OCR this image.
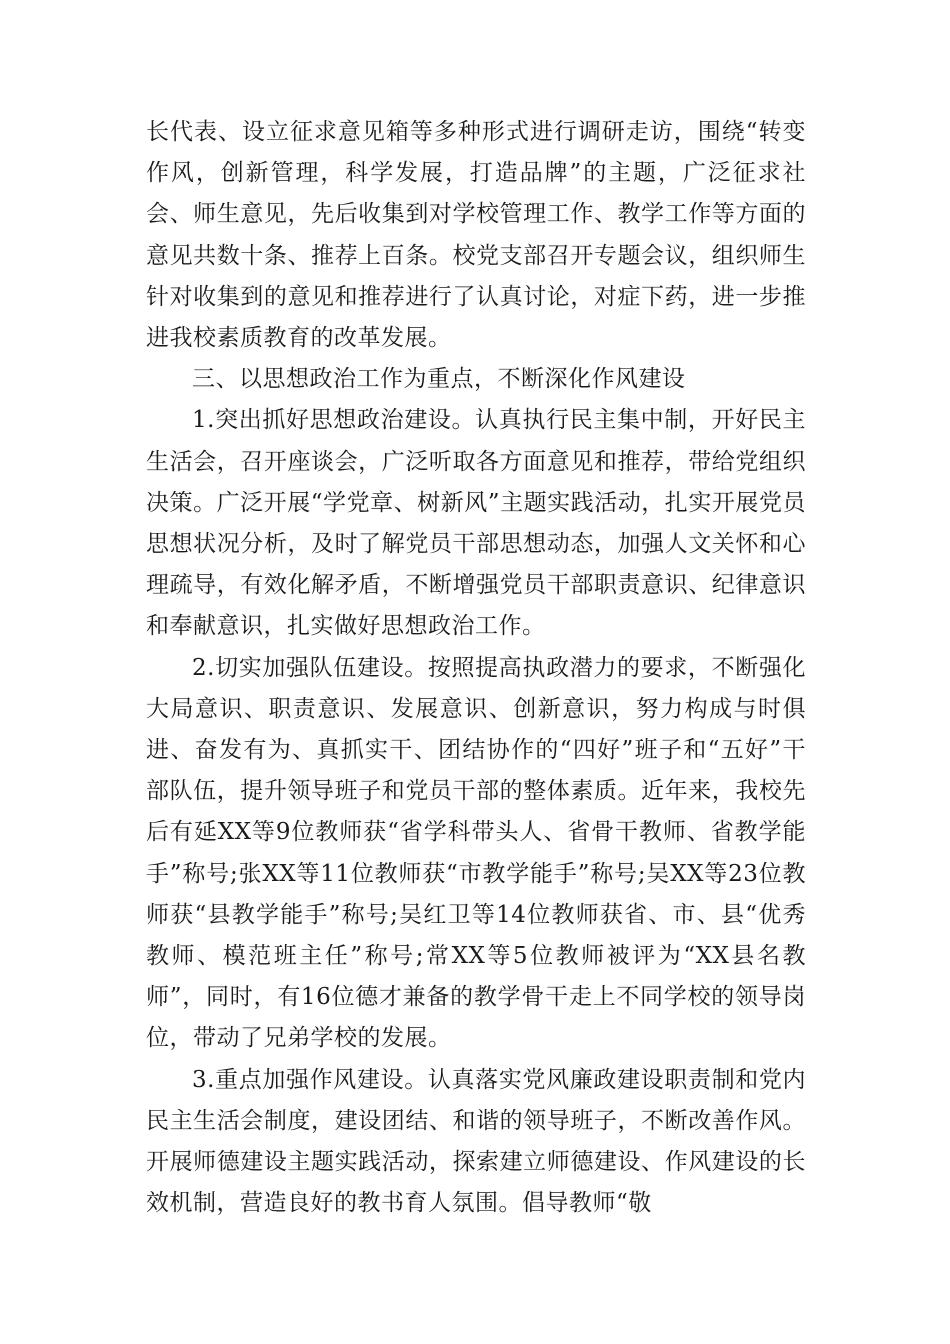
长代表、设立征求意见箱等多种形式进行调研走访，围绕“转变作风，创新管理，科学发展，打造品牌”的主题，广泛征求社会、师生意见，先后收集到对学校管理工作、教学工作等方面的意见共数十条、推荐上百条。校党支部召开专题会议，组织师生针对收集到的意见和推荐进行了认真讨论，对症下药，进一步推进我校素质教育的改革发展。

三、以思想政治工作为重点，不断深化作风建设

1.突出抓好思想政治建设。认真执行民主集中制，开好民主生活会，召开座谈会，广泛听取各方面意见和推荐，带给党组织决策。广泛开展“学党章、树新风”主题实践活动，扎实开展党员思想状况分析，及时了解党员干部思想动态，加强人文关怀和心理疏导，有效化解矛盾，不断增强党员干部职责意识、纪律意识和奉献意识，扎实做好思想政治工作。

2.切实加强队伍建设。按照提高执政潜力的要求，不断强化大局意识、职责意识、发展意识、创新意识，努力构成与时俱进、奋发有为、真抓实干、团结协作的“四好”班子和“五好”干部队伍，提升领导班子和党员干部的整体素质。近年来，我校先后有延XX等9位教师获“省学科带头人、省骨干教师、省教学能手”称号;张XX等11位教师获“市教学能手”称号;吴XX等23位教师获“县教学能手”称号;吴红卫等14位教师获省、市、县“优秀教师、模范班主任”称号;常XX等5位教师被评为“XX县名教师”，同时，有16位德才兼备的教学骨干走上不同学校的领导岗位，带动了兄弟学校的发展。

3.重点加强作风建设。认真落实党风廉政建设职责制和党内民主生活会制度，建设团结、和谐的领导班子，不断改善作风。开展师德建设主题实践活动，探索建立师德建设、作风建设的长效机制，营造良好的教书育人氛围。倡导教师“敬
